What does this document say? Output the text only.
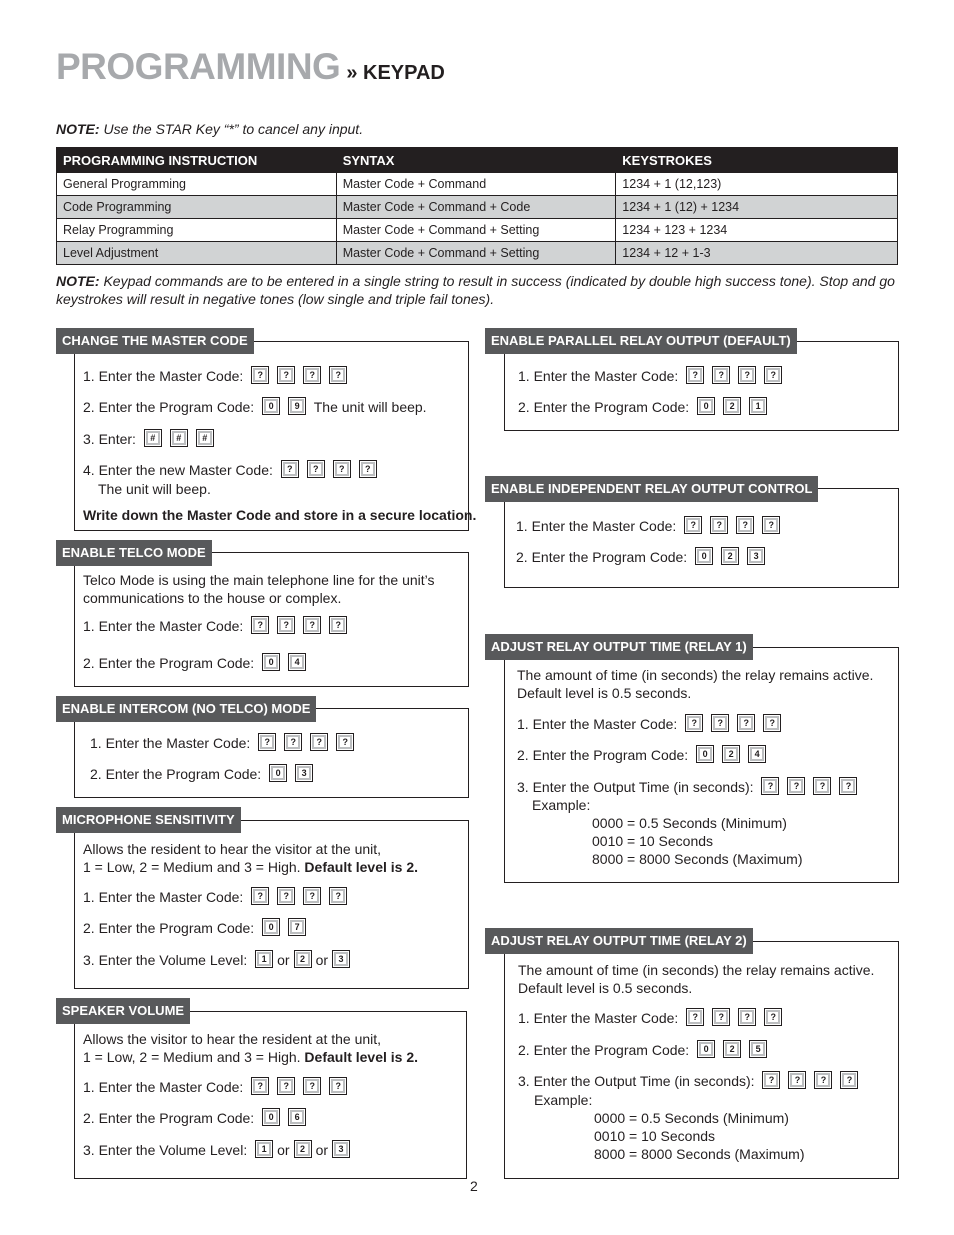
PROGRAMMING » KEYPAD
NOTE: Use the STAR Key “*” to cancel any input.
PROGRAMMING INSTRUCTION	SYNTAX	KEYSTROKES
General Programming	Master Code + Command	1234 + 1 (12,123)
Code Programming	Master Code + Command + Code	1234 + 1 (12) + 1234
Relay Programming	Master Code + Command + Setting	1234 + 123 + 1234
Level Adjustment	Master Code + Command + Setting	1234 + 12 + 1-3
NOTE: Keypad commands are to be entered in a single string to result in success (indicated by double high success tone). Stop and go keystrokes will result in negative tones (low single and triple fail tones).
CHANGE THE MASTER CODE
1. Enter the Master Code: ? ? ? ?
2. Enter the Program Code: 0 9 The unit will beep.
3. Enter: # # #
4. Enter the new Master Code: ? ? ? ?
The unit will beep.
Write down the Master Code and store in a secure location.
ENABLE TELCO MODE
Telco Mode is using the main telephone line for the unit’s
communications to the house or complex.
1. Enter the Master Code: ? ? ? ?
2. Enter the Program Code: 0 4
ENABLE INTERCOM (NO TELCO) MODE
1. Enter the Master Code: ? ? ? ?
2. Enter the Program Code: 0 3
MICROPHONE SENSITIVITY
Allows the resident to hear the visitor at the unit,
1 = Low, 2 = Medium and 3 = High. Default level is 2.
1. Enter the Master Code: ? ? ? ?
2. Enter the Program Code: 0 7
3. Enter the Volume Level: 1 or 2 or 3
SPEAKER VOLUME
Allows the visitor to hear the resident at the unit,
1 = Low, 2 = Medium and 3 = High. Default level is 2.
1. Enter the Master Code: ? ? ? ?
2. Enter the Program Code: 0 6
3. Enter the Volume Level: 1 or 2 or 3
ENABLE PARALLEL RELAY OUTPUT (DEFAULT)
1. Enter the Master Code: ? ? ? ?
2. Enter the Program Code: 0 2 1
ENABLE INDEPENDENT RELAY OUTPUT CONTROL
1. Enter the Master Code: ? ? ? ?
2. Enter the Program Code: 0 2 3
ADJUST RELAY OUTPUT TIME (RELAY 1)
The amount of time (in seconds) the relay remains active.
Default level is 0.5 seconds.
1. Enter the Master Code: ? ? ? ?
2. Enter the Program Code: 0 2 4
3. Enter the Output Time (in seconds): ? ? ? ?
Example:
0000 = 0.5 Seconds (Minimum)
0010 = 10 Seconds
8000 = 8000 Seconds (Maximum)
ADJUST RELAY OUTPUT TIME (RELAY 2)
The amount of time (in seconds) the relay remains active.
Default level is 0.5 seconds.
1. Enter the Master Code: ? ? ? ?
2. Enter the Program Code: 0 2 5
3. Enter the Output Time (in seconds): ? ? ? ?
Example:
0000 = 0.5 Seconds (Minimum)
0010 = 10 Seconds
8000 = 8000 Seconds (Maximum)
2
